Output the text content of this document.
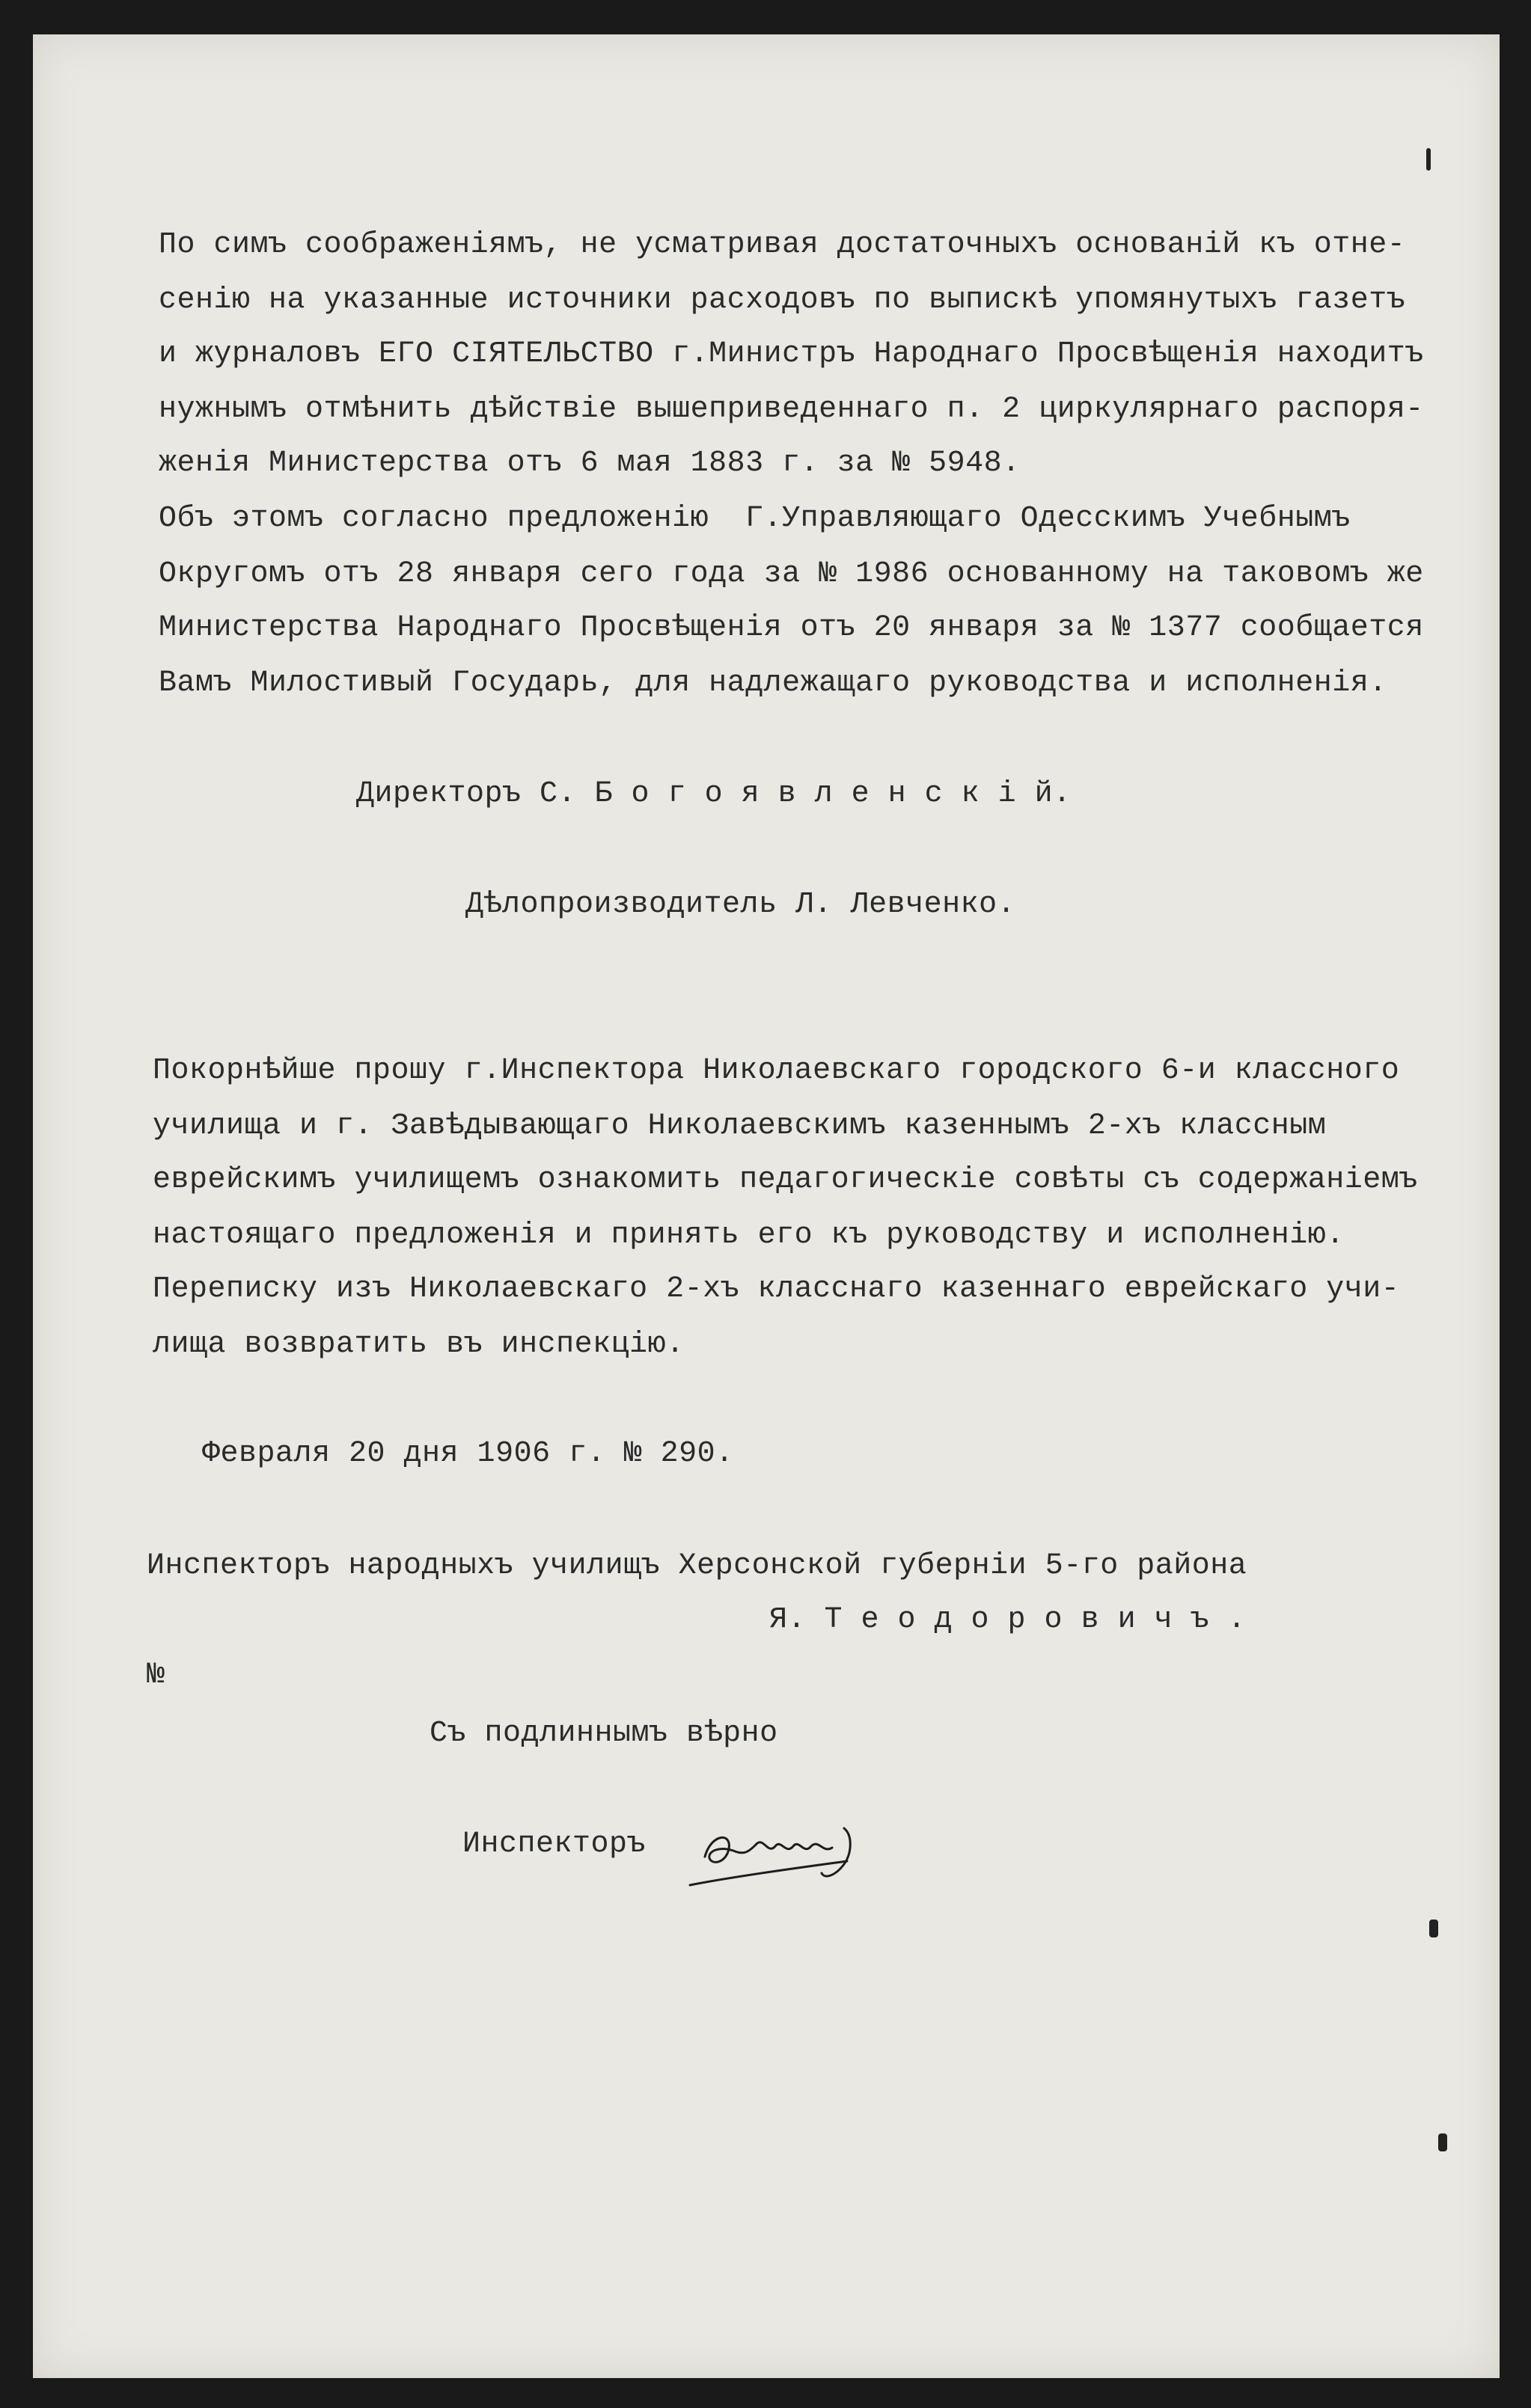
По симъ соображеніямъ, не усматривая достаточныхъ основаній къ отне-
сенію на указанные источники расходовъ по выпискѣ упомянутыхъ газетъ
и журналовъ ЕГО СІЯТЕЛЬСТВО г.Министръ Народнаго Просвѣщенія находитъ
нужнымъ отмѣнить дѣйствіе вышеприведеннаго п. 2 циркулярнаго распоря-
женія Министерства отъ 6 мая 1883 г. за № 5948.
Объ этомъ согласно предложенію  Г.Управляющаго Одесскимъ Учебнымъ
Округомъ отъ 28 января сего года за № 1986 основанному на таковомъ же
Министерства Народнаго Просвѣщенія отъ 20 января за № 1377 сообщается
Вамъ Милостивый Государь, для надлежащаго руководства и исполненія.
Директоръ С. Б о г о я в л е н с к і й.
Дѣлопроизводитель Л. Левченко.
Покорнѣйше прошу г.Инспектора Николаевскаго городского 6-и классного
училища и г. Завѣдывающаго Николаевскимъ казеннымъ 2-хъ классным
еврейскимъ училищемъ ознакомить педагогическіе совѣты съ содержаніемъ
настоящаго предложенія и принять его къ руководству и исполненію.
Переписку изъ Николаевскаго 2-хъ класснаго казеннаго еврейскаго учи-
лища возвратить въ инспекцію.
Февраля 20 дня 1906 г. № 290.
Инспекторъ народныхъ училищъ Херсонской губерніи 5-го района
Я. Т е о д о р о в и ч ъ .
№
Съ подлиннымъ вѣрно
Инспекторъ
